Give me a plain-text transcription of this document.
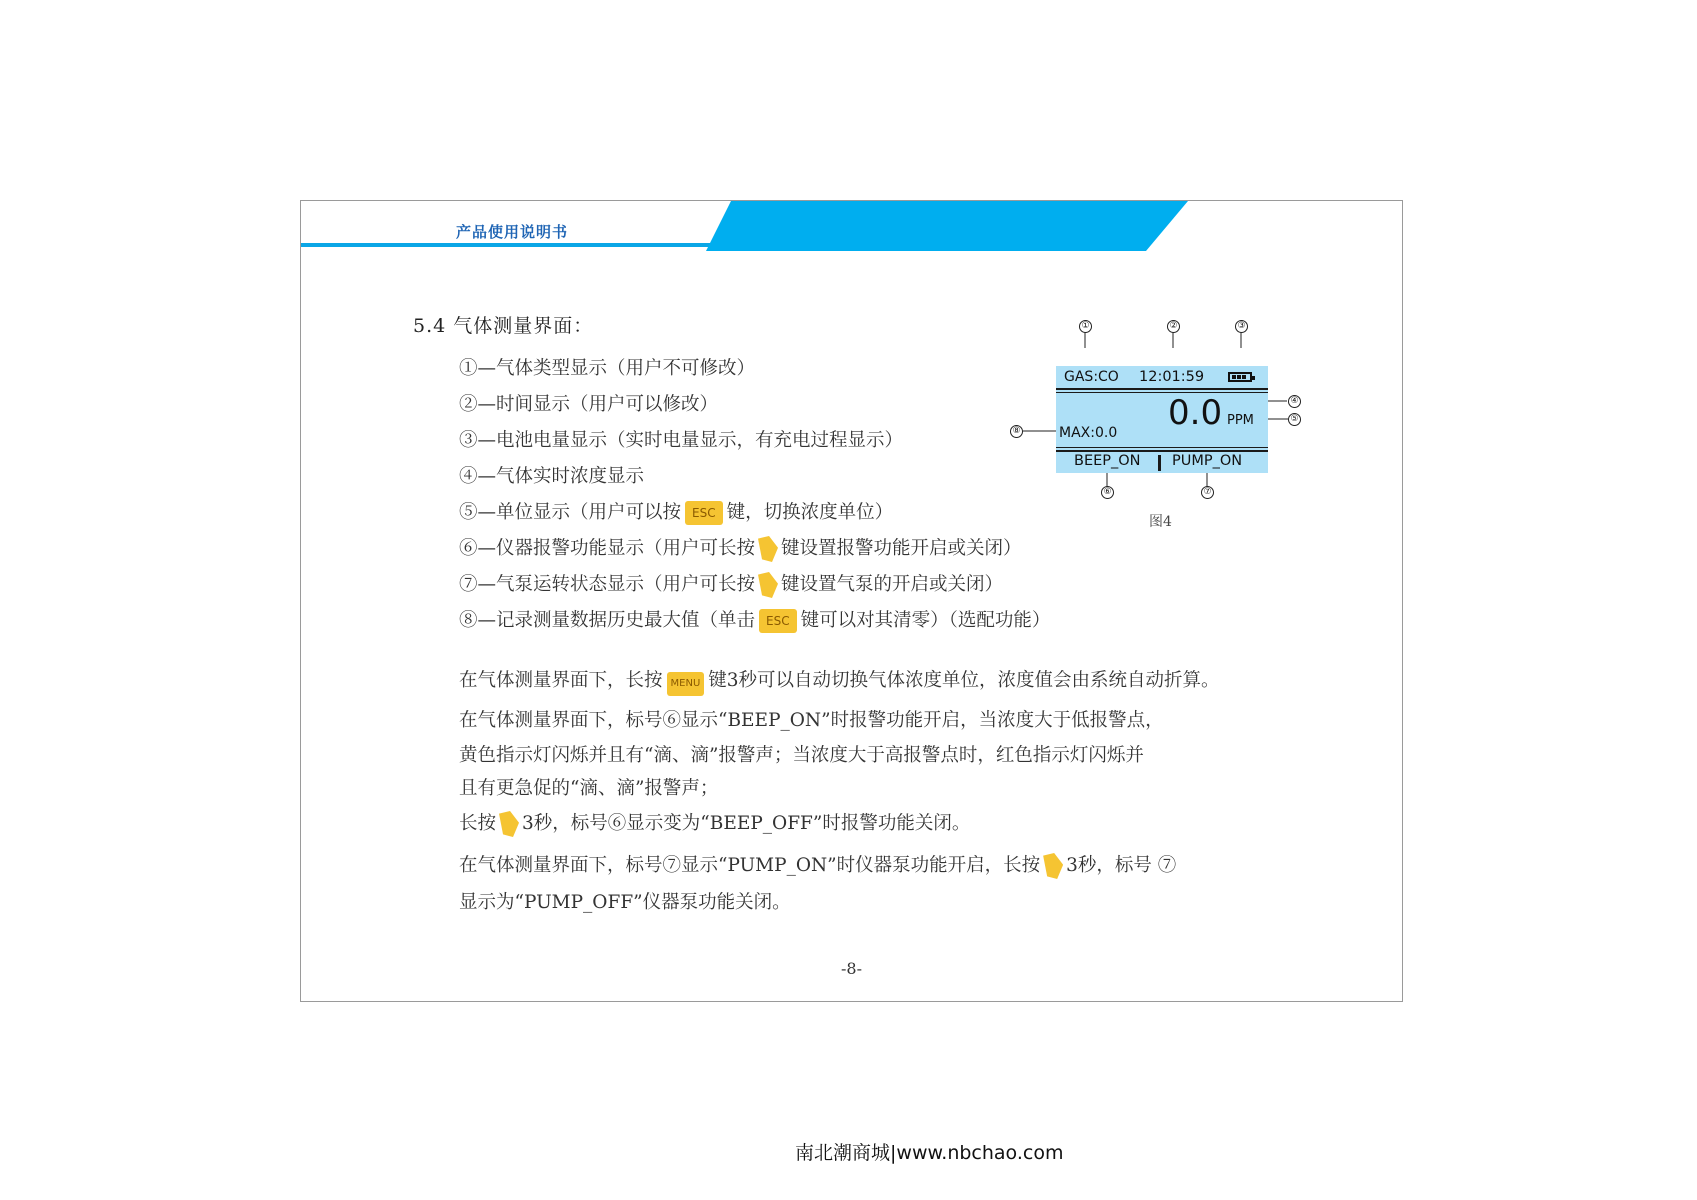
产品使用说明书
5.4 气体测量界面：
①—气体类型显示（用户不可修改）
②—时间显示（用户可以修改）
③—电池电量显示（实时电量显示，有充电过程显示）
④—气体实时浓度显示
⑤—单位显示（用户可以按 ESC 键，切换浓度单位）
⑥—仪器报警功能显示（用户可长按 键设置报警功能开启或关闭）
⑦—气泵运转状态显示（用户可长按 键设置气泵的开启或关闭）
⑧—记录测量数据历史最大值（单击 ESC 键可以对其清零）（选配功能）
在气体测量界面下，长按 MENU 键3秒可以自动切换气体浓度单位，浓度值会由系统自动折算。
在气体测量界面下，标号⑥显示“BEEP_ON”时报警功能开启，当浓度大于低报警点，
黄色指示灯闪烁并且有“滴、滴”报警声；当浓度大于高报警点时，红色指示灯闪烁并
且有更急促的“滴、滴”报警声；
长按 3秒，标号⑥显示变为“BEEP_OFF”时报警功能关闭。
在气体测量界面下，标号⑦显示“PUMP_ON”时仪器泵功能开启，长按 3秒，标号 ⑦
显示为“PUMP_OFF”仪器泵功能关闭。
①	②	③
④
⑤
⑥	⑦
⑧
GAS:CO 12:01:59
0.0 PPM
MAX:0.0
BEEP_ON PUMP_ON
图4
-8-
南北潮商城|www.nbchao.com
